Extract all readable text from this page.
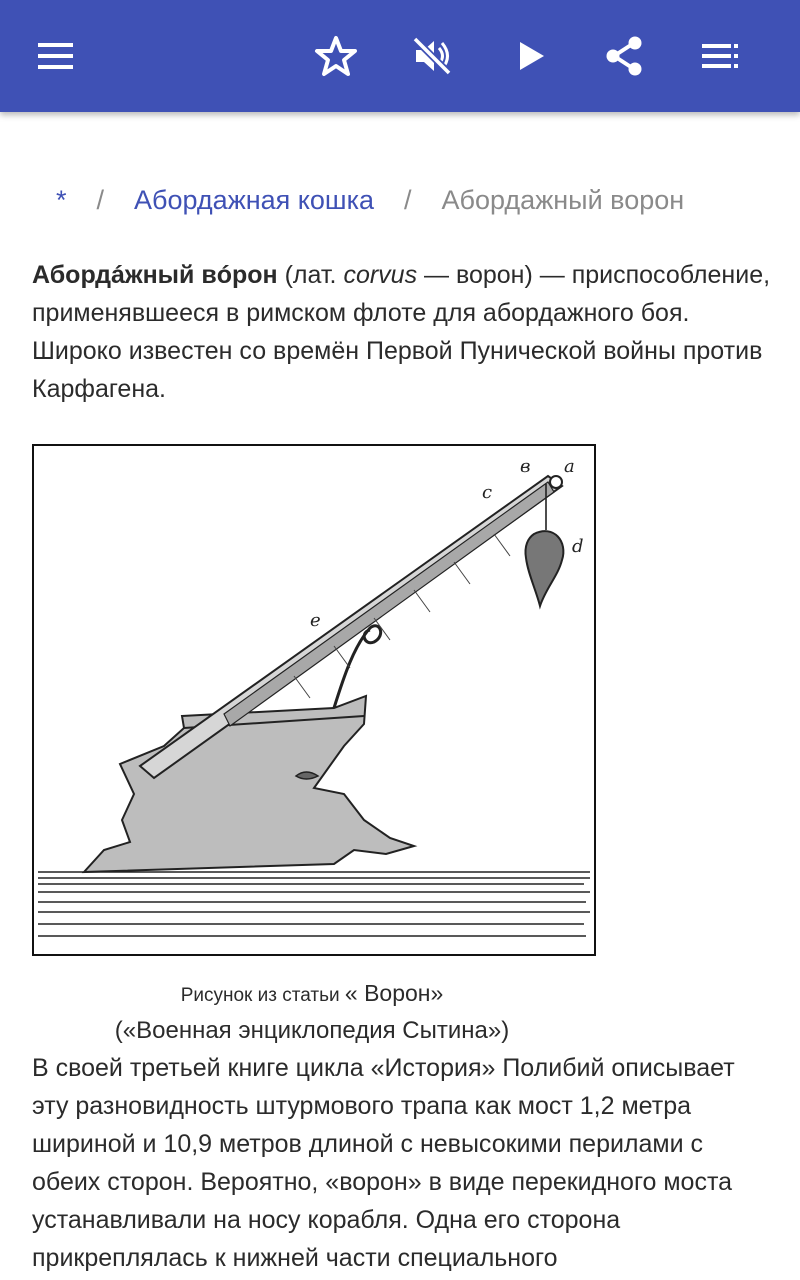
* / Абордажная кошка / Абордажный ворон

Абордáжный вóрон (лат. corvus — ворон) — приспособление, применявшееся в римском флоте для абордажного боя. Широко известен со времён Первой Пунической войны против Карфагена.

в a
c
d
e
Рисунок из статьи « Ворон»
(«Военная энциклопедия Сытина»)

В своей третьей книге цикла «История» Полибий описывает эту разновидность штурмового трапа как мост 1,2 метра шириной и 10,9 метров длиной с невысокими перилами с обеих сторон. Вероятно, «ворон» в виде перекидного моста устанавливали на носу корабля. Одна его сторона прикреплялась к нижней части специального
